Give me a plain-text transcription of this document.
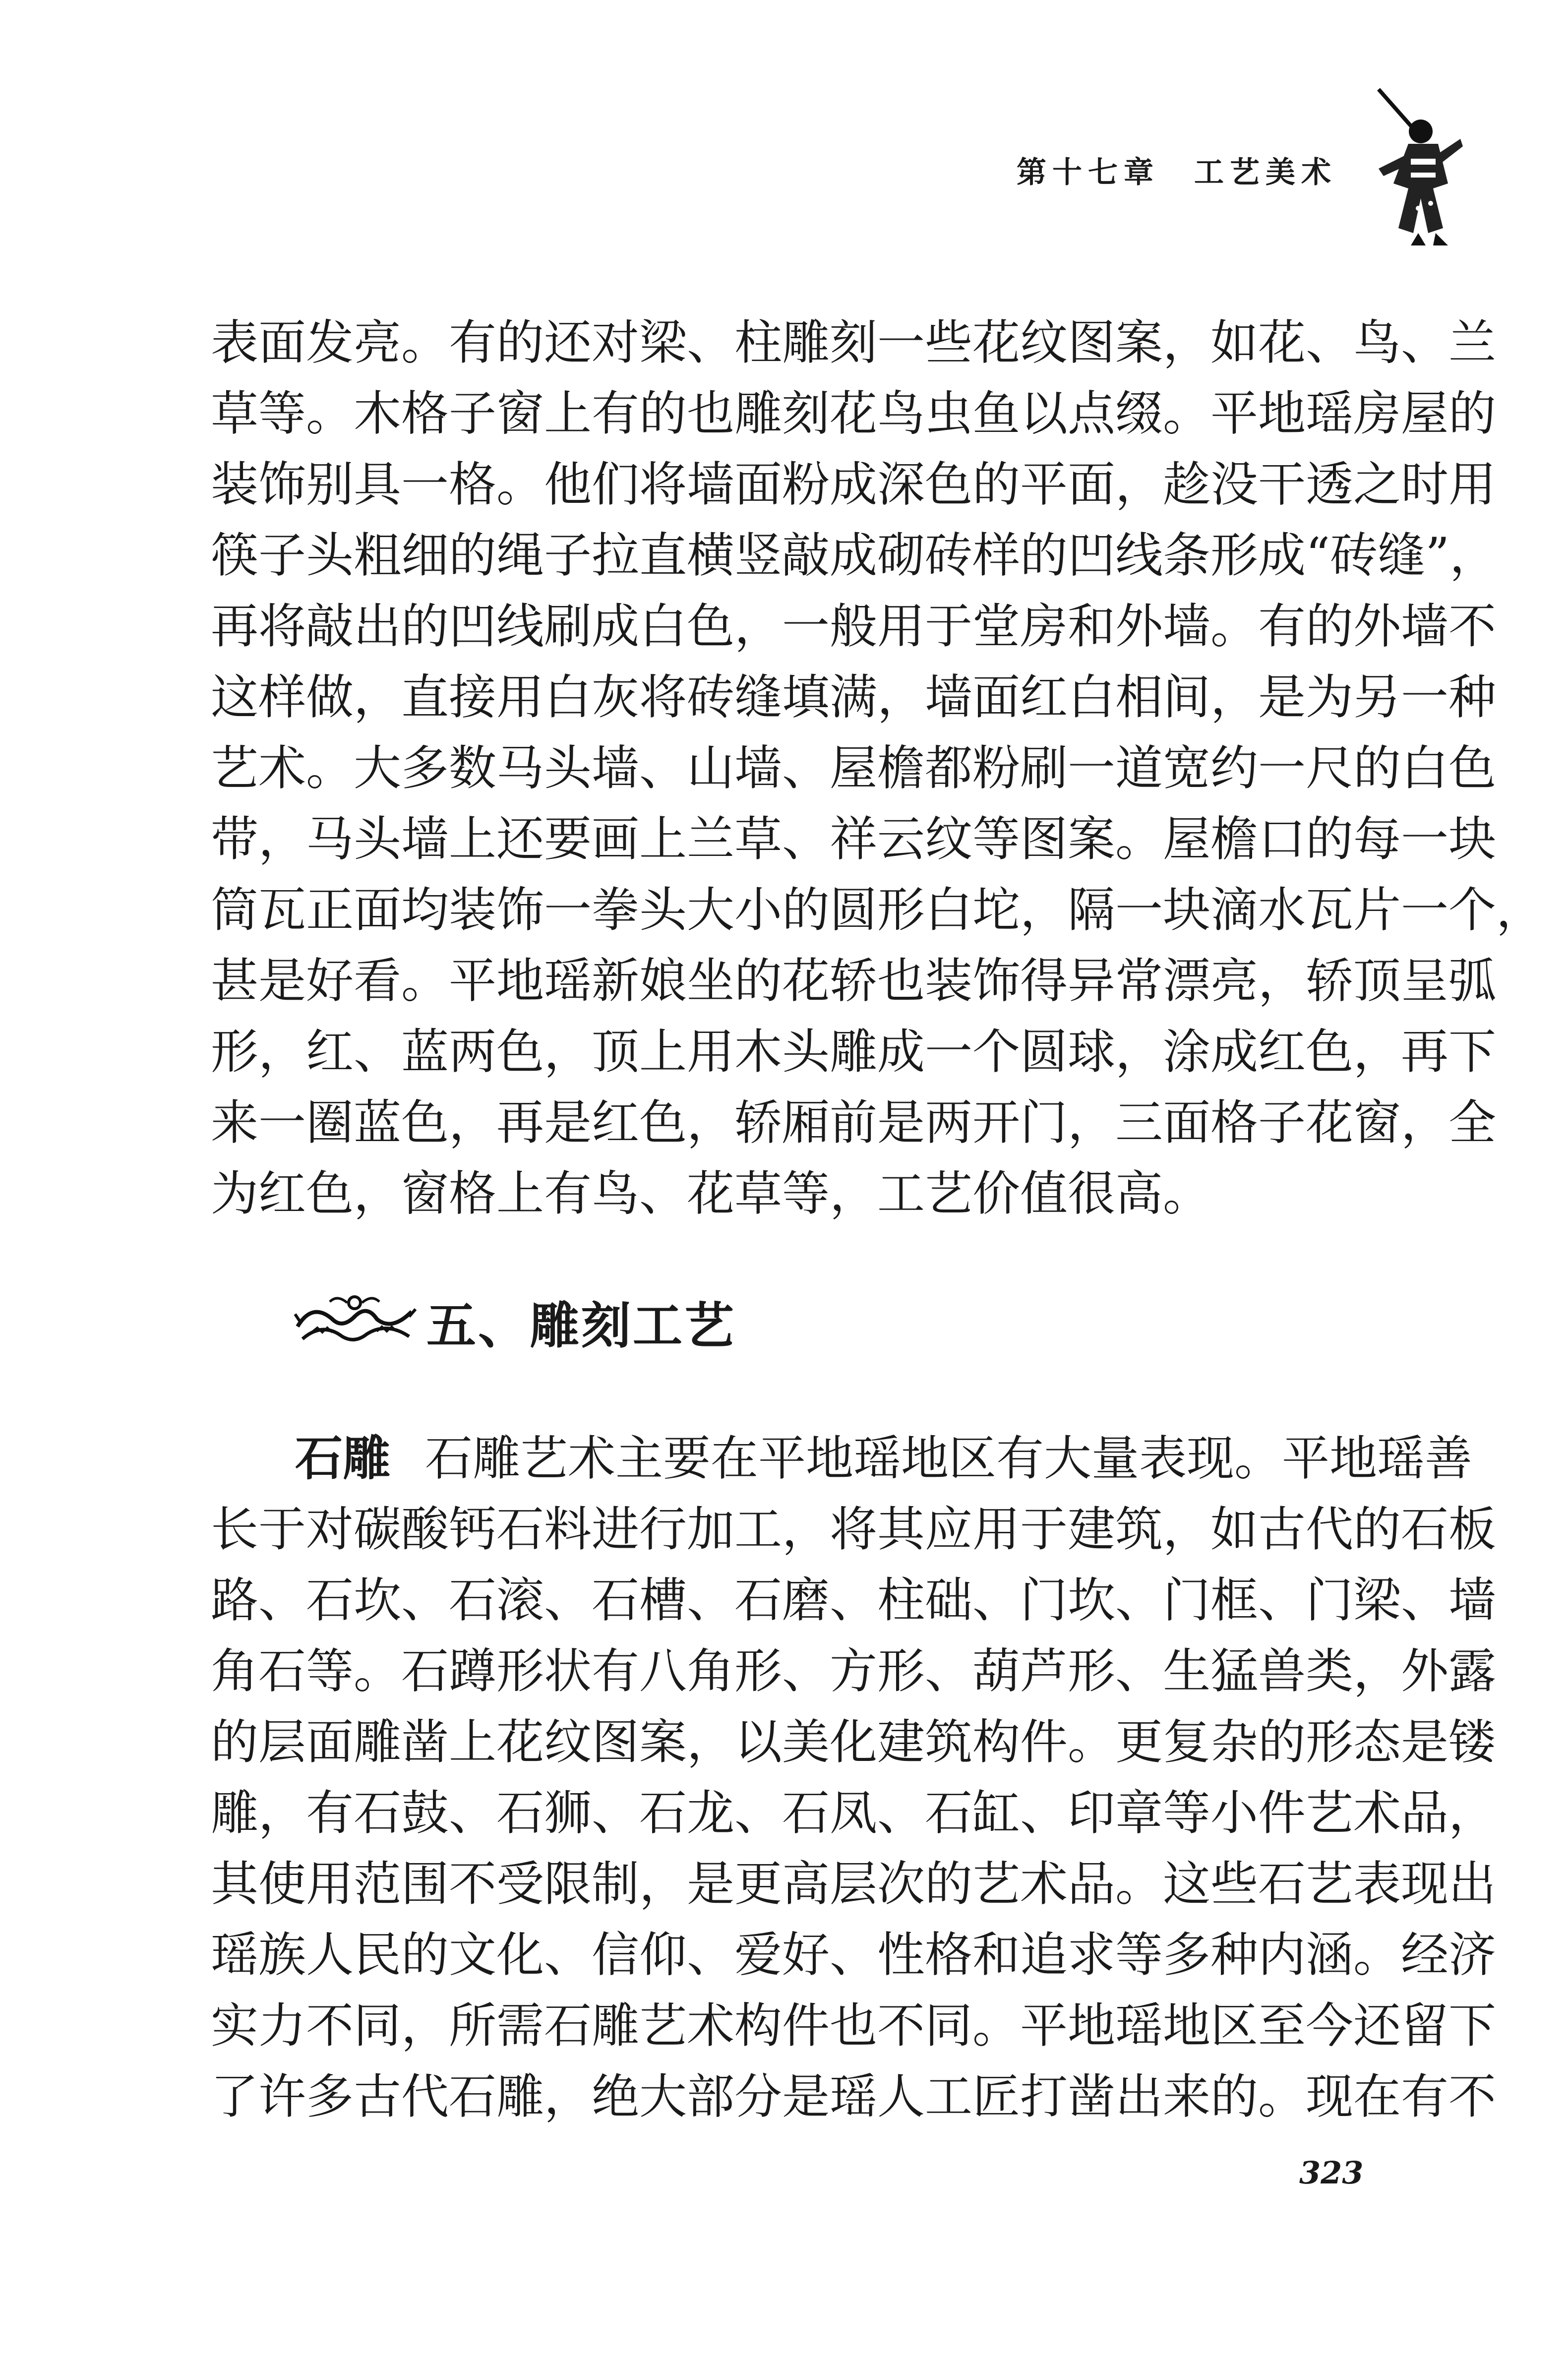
第十七章 工艺美术
表面发亮。有的还对梁、柱雕刻一些花纹图案，如花、鸟、兰
草等。木格子窗上有的也雕刻花鸟虫鱼以点缀。平地瑶房屋的
装饰别具一格。他们将墙面粉成深色的平面，趁没干透之时用
筷子头粗细的绳子拉直横竖敲成砌砖样的凹线条形成“砖缝”，
再将敲出的凹线刷成白色，一般用于堂房和外墙。有的外墙不
这样做，直接用白灰将砖缝填满，墙面红白相间，是为另一种
艺术。大多数马头墙、山墙、屋檐都粉刷一道宽约一尺的白色
带，马头墙上还要画上兰草、祥云纹等图案。屋檐口的每一块
筒瓦正面均装饰一拳头大小的圆形白坨，隔一块滴水瓦片一个，
甚是好看。平地瑶新娘坐的花轿也装饰得异常漂亮，轿顶呈弧
形，红、蓝两色，顶上用木头雕成一个圆球，涂成红色，再下
来一圈蓝色，再是红色，轿厢前是两开门，三面格子花窗，全
为红色，窗格上有鸟、花草等，工艺价值很高。
五、雕刻工艺
石雕 石雕艺术主要在平地瑶地区有大量表现。平地瑶善
长于对碳酸钙石料进行加工，将其应用于建筑，如古代的石板
路、石坎、石滚、石槽、石磨、柱础、门坎、门框、门梁、墙
角石等。石蹲形状有八角形、方形、葫芦形、生猛兽类，外露
的层面雕凿上花纹图案，以美化建筑构件。更复杂的形态是镂
雕，有石鼓、石狮、石龙、石凤、石缸、印章等小件艺术品，
其使用范围不受限制，是更高层次的艺术品。这些石艺表现出
瑶族人民的文化、信仰、爱好、性格和追求等多种内涵。经济
实力不同，所需石雕艺术构件也不同。平地瑶地区至今还留下
了许多古代石雕，绝大部分是瑶人工匠打凿出来的。现在有不
323
